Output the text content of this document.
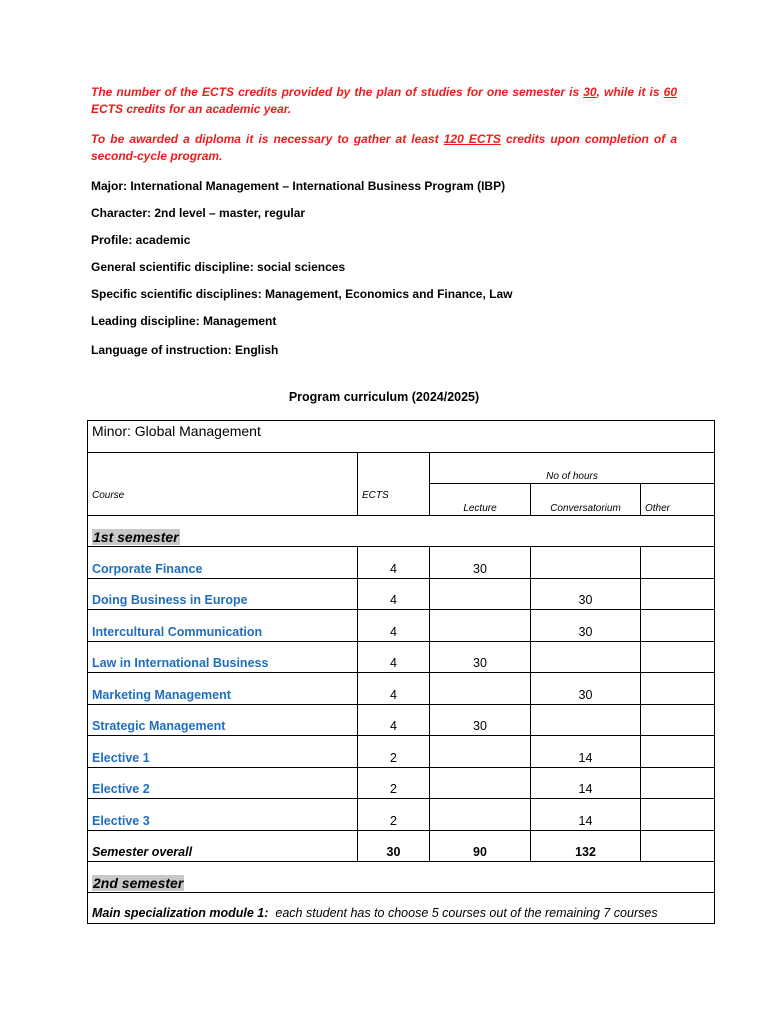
The number of the ECTS credits provided by the plan of studies for one semester is 30, while it is 60 ECTS credits for an academic year.
To be awarded a diploma it is necessary to gather at least 120 ECTS credits upon completion of a second-cycle program.
Major: International Management – International Business Program (IBP)
Character: 2nd level – master, regular
Profile: academic
General scientific discipline: social sciences
Specific scientific disciplines: Management, Economics and Finance, Law
Leading discipline: Management
Language of instruction: English
Program curriculum (2024/2025)
Minor: Global Management				
Course	ECTS	No of hours		
		Lecture	Conversatorium	Other
1st semester				
Corporate Finance	4	30		
Doing Business in Europe	4		30	
Intercultural Communication	4		30	
Law in International Business	4	30		
Marketing Management	4		30	
Strategic Management	4	30		
Elective 1	2		14	
Elective 2	2		14	
Elective 3	2		14	
Semester overall	30	90	132	
2nd semester				
Main specialization module 1: each student has to choose 5 courses out of the remaining 7 courses				
